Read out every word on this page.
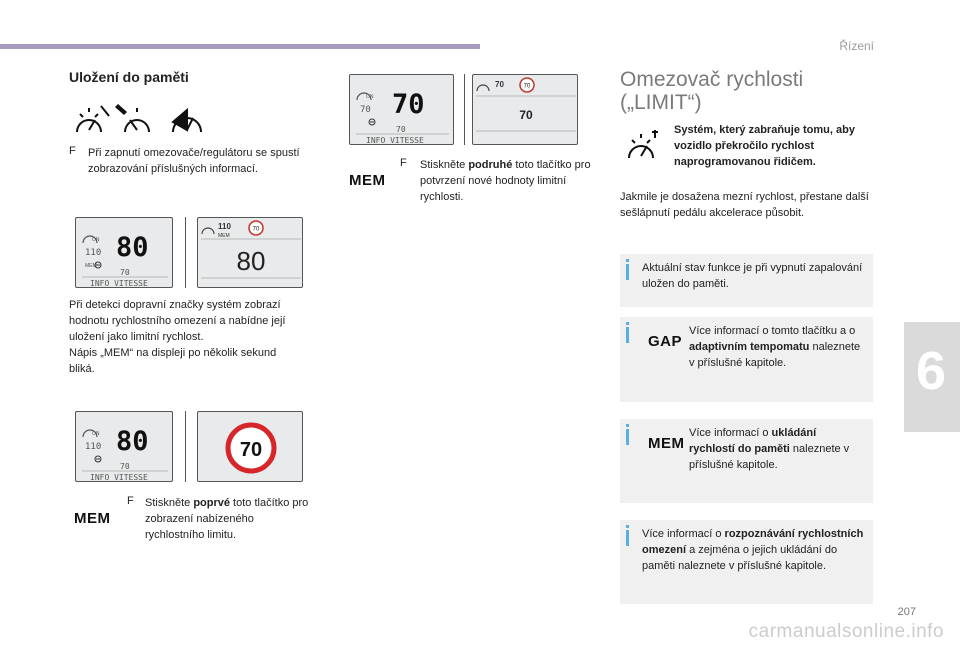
Řízení
6
Uložení do paměti
F Při zapnutí omezovače/regulátoru se spustí zobrazování příslušných informací.
ON
110 80
MEM
70
INFO VITESSE
110
MEM
70
80
Při detekci dopravní značky systém zobrazí
hodnotu rychlostního omezení a nabídne její
uložení jako limitní rychlost.
Nápis „MEM“ na displeji po několik sekund
bliká.
ON
110 80
70
INFO VITESSE
70
MEM
F Stiskněte poprvé toto tlačítko pro zobrazení nabízeného rychlostního limitu.
ON
70 70
70
INFO VITESSE
70	70
70
MEM
F Stiskněte podruhé toto tlačítko pro potvrzení nové hodnoty limitní rychlosti.
Omezovač rychlosti
(„LIMIT“)
Systém, který zabraňuje tomu, aby vozidlo překročilo rychlost naprogramovanou řidičem.
Jakmile je dosažena mezní rychlost, přestane další sešlápnutí pedálu akcelerace působit.
Aktuální stav funkce je při vypnutí zapalování uložen do paměti.
GAP
Více informací o tomto tlačítku a o adaptivním tempomatu naleznete v příslušné kapitole.
MEM
Více informací o ukládání rychlostí do paměti naleznete v příslušné kapitole.
Více informací o rozpoznávání rychlostních omezení a zejména o jejich ukládání do paměti naleznete v příslušné kapitole.
207
carmanualsonline.info
